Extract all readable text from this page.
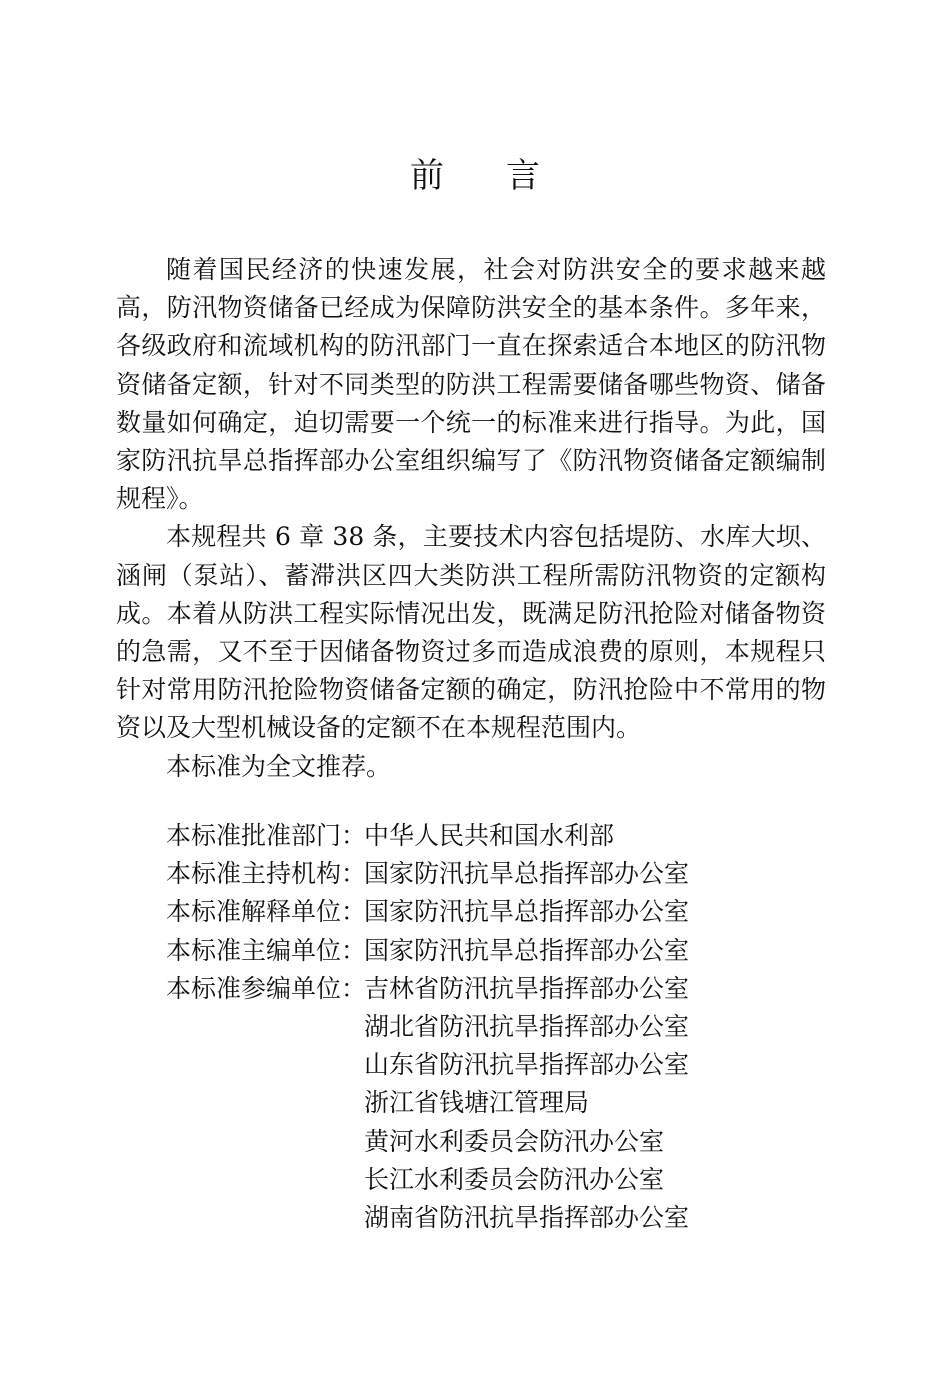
前 言

随着国民经济的快速发展，社会对防洪安全的要求越来越高，防汛物资储备已经成为保障防洪安全的基本条件。多年来，各级政府和流域机构的防汛部门一直在探索适合本地区的防汛物资储备定额，针对不同类型的防洪工程需要储备哪些物资、储备数量如何确定，迫切需要一个统一的标准来进行指导。为此，国家防汛抗旱总指挥部办公室组织编写了《防汛物资储备定额编制规程》。

本规程共 6 章 38 条，主要技术内容包括堤防、水库大坝、涵闸（泵站）、蓄滞洪区四大类防洪工程所需防汛物资的定额构成。本着从防洪工程实际情况出发，既满足防汛抢险对储备物资的急需，又不至于因储备物资过多而造成浪费的原则，本规程只针对常用防汛抢险物资储备定额的确定，防汛抢险中不常用的物资以及大型机械设备的定额不在本规程范围内。

本标准为全文推荐。

本标准批准部门：
中华人民共和国水利部
本标准主持机构：
国家防汛抗旱总指挥部办公室
本标准解释单位：
国家防汛抗旱总指挥部办公室
本标准主编单位：
国家防汛抗旱总指挥部办公室
本标准参编单位：
吉林省防汛抗旱指挥部办公室
湖北省防汛抗旱指挥部办公室
山东省防汛抗旱指挥部办公室
浙江省钱塘江管理局
黄河水利委员会防汛办公室
长江水利委员会防汛办公室
湖南省防汛抗旱指挥部办公室
